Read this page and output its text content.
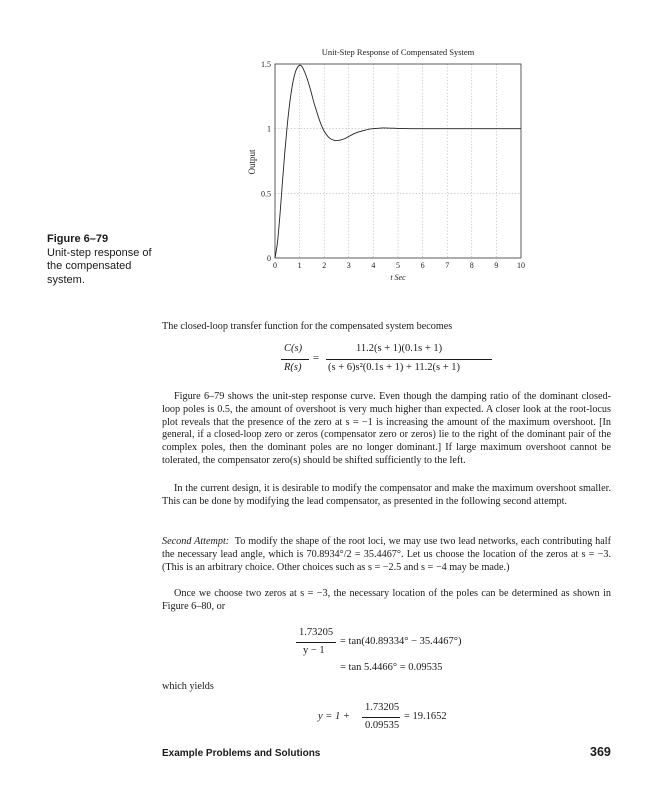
Unit-Step Response of Compensated System
0	1	2	3	4	5	6	7	8	9 10
0
0.5
1
1.5
t Sec
Output
Figure 6–79
Unit-step response of the compensated system.
The closed-loop transfer function for the compensated system becomes
C(s)
R(s)
=
11.2(s + 1)(0.1s + 1)
(s + 6)s²(0.1s + 1) + 11.2(s + 1)
Figure 6–79 shows the unit-step response curve. Even though the damping ratio of the dominant closed-loop poles is 0.5, the amount of overshoot is very much higher than expected. A closer look at the root-locus plot reveals that the presence of the zero at s = −1 is increasing the amount of the maximum overshoot. [In general, if a closed-loop zero or zeros (compensator zero or zeros) lie to the right of the dominant pair of the complex poles, then the dominant poles are no longer dominant.] If large maximum overshoot cannot be tolerated, the compensator zero(s) should be shifted sufficiently to the left.
In the current design, it is desirable to modify the compensator and make the maximum overshoot smaller. This can be done by modifying the lead compensator, as presented in the following second attempt.
Second Attempt: To modify the shape of the root loci, we may use two lead networks, each contributing half the necessary lead angle, which is 70.8934°/2 = 35.4467°. Let us choose the location of the zeros at s = −3. (This is an arbitrary choice. Other choices such as s = −2.5 and s = −4 may be made.)
Once we choose two zeros at s = −3, the necessary location of the poles can be determined as shown in Figure 6–80, or
1.73205
y − 1
= tan(40.89334° − 35.4467°)
= tan 5.4466° = 0.09535
which yields
y = 1 +
1.73205
0.09535
= 19.1652
Example Problems and Solutions	369
